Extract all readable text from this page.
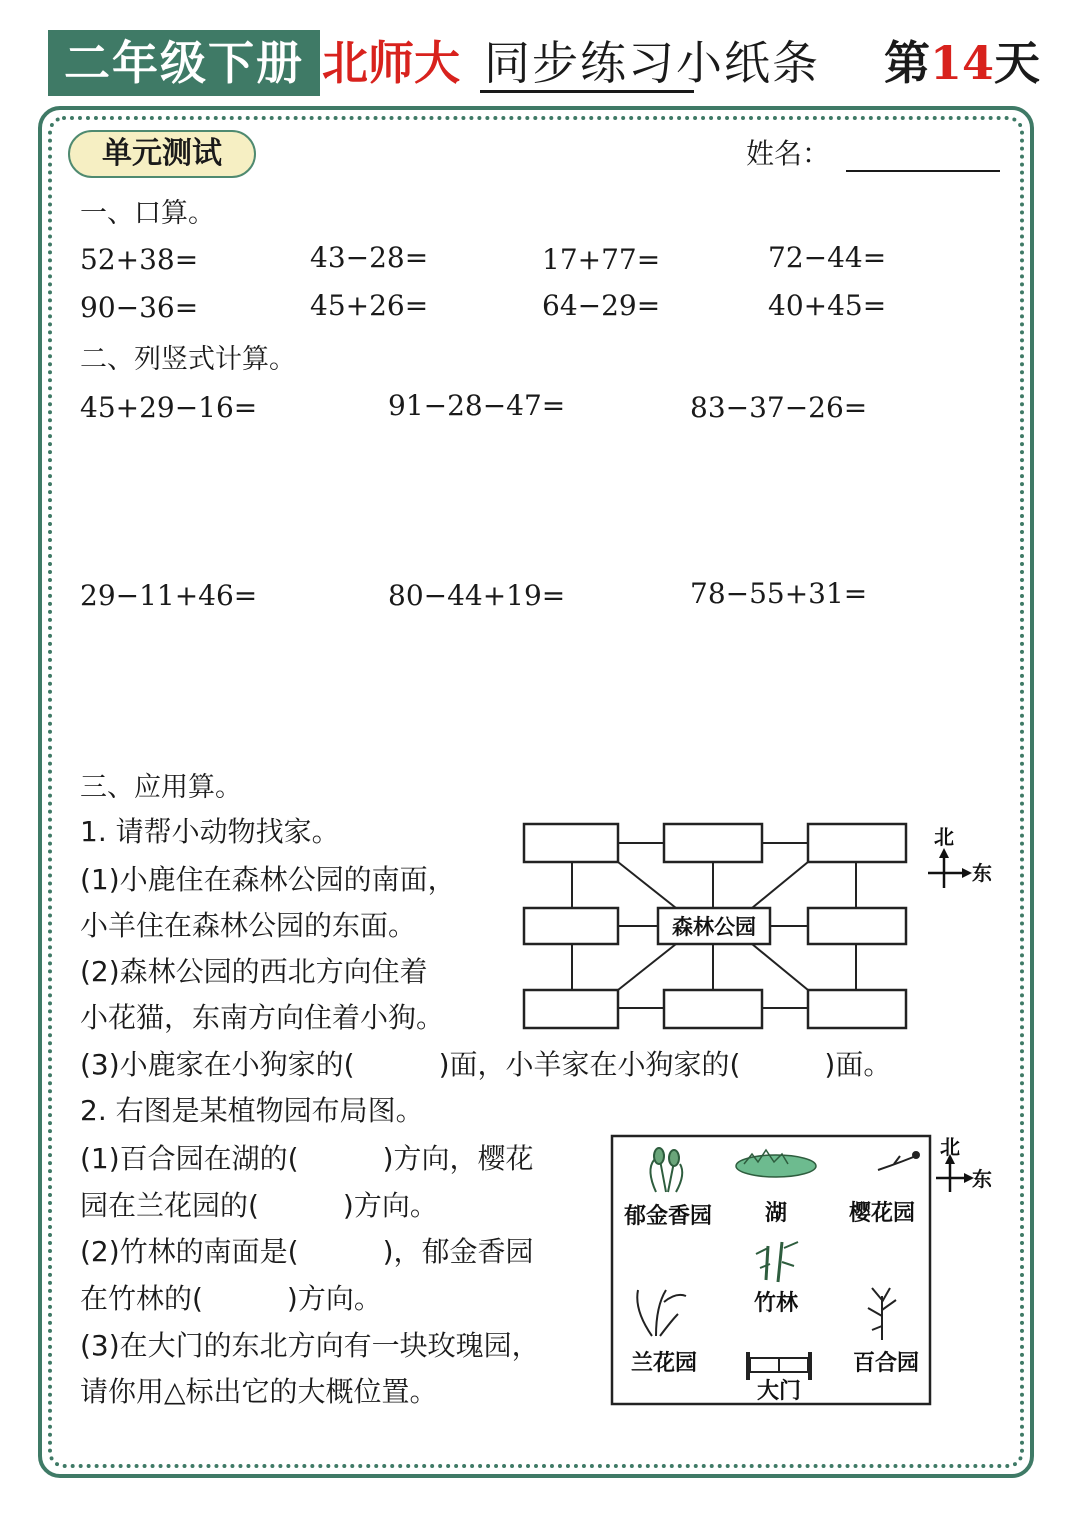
二年级下册 北师大 同步练习小纸条 第14天
单元测试	姓名：
一、口算。
52+38=	43−28=	17+77=	72−44=
90−36=	45+26=	64−29=	40+45=
二、列竖式计算。
45+29−16=	91−28−47=	83−37−26=
29−11+46=	80−44+19=	78−55+31=
三、应用算。
1. 请帮小动物找家。
(1)小鹿住在森林公园的南面，
小羊住在森林公园的东面。
(2)森林公园的西北方向住着
小花猫，东南方向住着小狗。
(3)小鹿家在小狗家的(　　　)面，小羊家在小狗家的(　　　)面。
森林公园
北
东
2. 右图是某植物园布局图。
(1)百合园在湖的(　　　)方向，樱花
园在兰花园的(　　　)方向。
(2)竹林的南面是(　　　)，郁金香园
在竹林的(　　　)方向。
(3)在大门的东北方向有一块玫瑰园，
请你用△标出它的大概位置。
郁金香园 湖	樱花园
竹林
兰花园	百合园
大门
北
东
